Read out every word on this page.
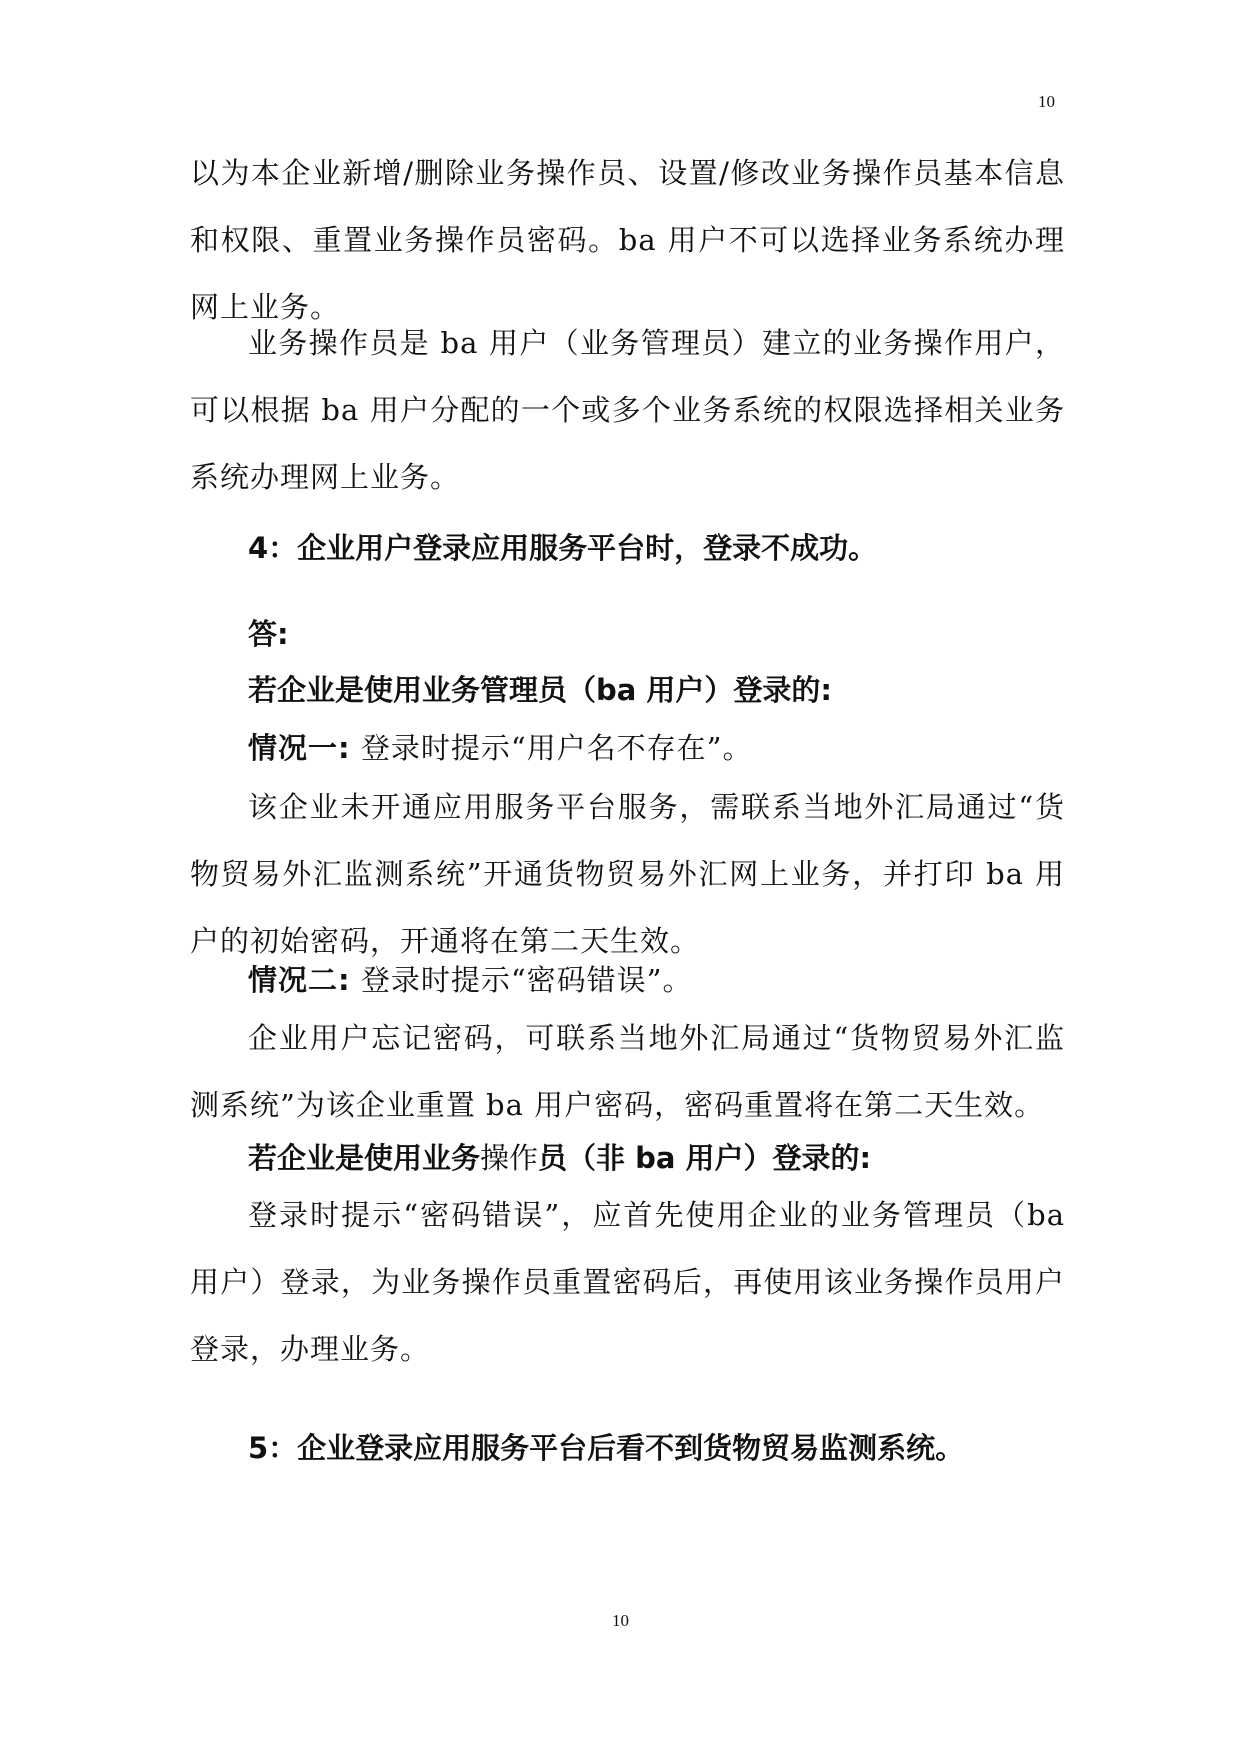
10

以为本企业新增/删除业务操作员、设置/修改业务操作员基本信息和权限、重置业务操作员密码。ba 用户不可以选择业务系统办理网上业务。

业务操作员是 ba 用户（业务管理员）建立的业务操作用户，可以根据 ba 用户分配的一个或多个业务系统的权限选择相关业务系统办理网上业务。

4：企业用户登录应用服务平台时，登录不成功。

答:

若企业是使用业务管理员（ba 用户）登录的:

情况一: 登录时提示“用户名不存在”。

该企业未开通应用服务平台服务，需联系当地外汇局通过“货物贸易外汇监测系统”开通货物贸易外汇网上业务，并打印 ba 用户的初始密码，开通将在第二天生效。

情况二: 登录时提示“密码错误”。

企业用户忘记密码，可联系当地外汇局通过“货物贸易外汇监测系统”为该企业重置 ba 用户密码，密码重置将在第二天生效。

若企业是使用业务操作员（非 ba 用户）登录的:

登录时提示“密码错误”，应首先使用企业的业务管理员（ba 用户）登录，为业务操作员重置密码后，再使用该业务操作员用户登录，办理业务。

5：企业登录应用服务平台后看不到货物贸易监测系统。

10
